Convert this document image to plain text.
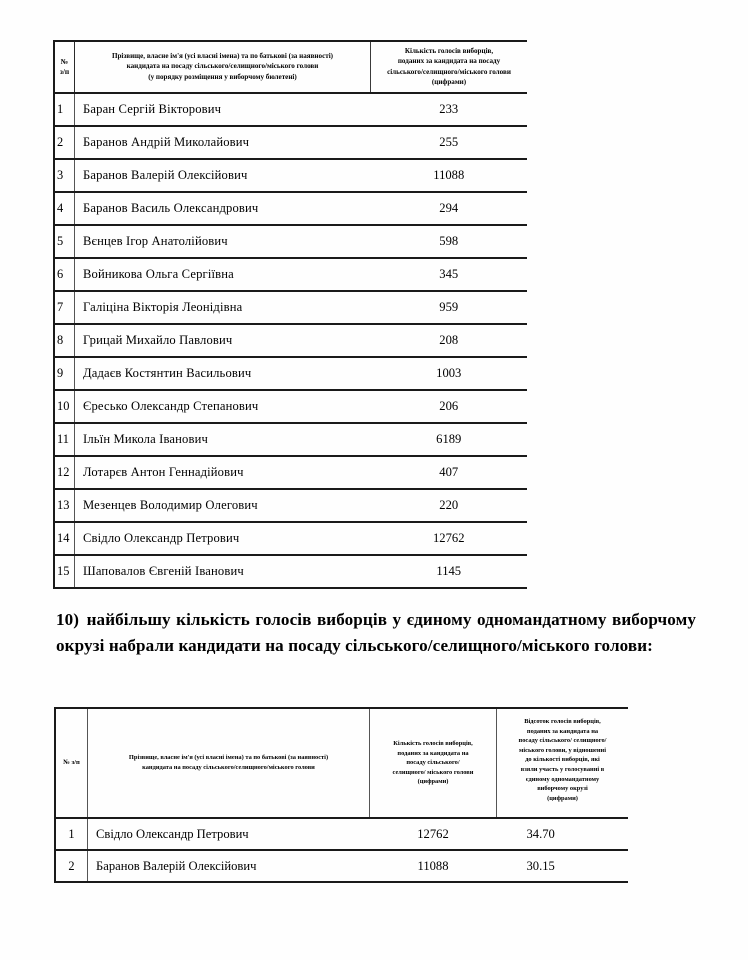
№
з/п	Прізвище, власне ім'я (усі власні імена) та по батькові (за наявності)
кандидата на посаду сільського/селищного/міського голови
(у порядку розміщення у виборчому бюлетені)	Кількість голосів виборців,
поданих за кандидата на посаду
сільського/селищного/міського голови
(цифрами)

1	Баран Сергій Вікторович	233
2	Баранов Андрій Миколайович	255
3	Баранов Валерій Олексійович	11088
4	Баранов Василь Олександрович	294
5	Вєнцев Ігор Анатолійович	598
6	Войникова Ольга Сергіївна	345
7	Галіціна Вікторія Леонідівна	959
8	Грицай Михайло Павлович	208
9	Дадаєв Костянтин Васильович	1003
10	Єресько Олександр Степанович	206
11	Ільїн Микола Іванович	6189
12	Лотарєв Антон Геннадійович	407
13	Мезенцев Володимир Олегович	220
14	Свідло Олександр Петрович	12762
15	Шаповалов Євгеній Іванович	1145

10) найбільшу кількість голосів виборців у єдиному одномандатному виборчому окрузі набрали кандидати на посаду сільського/селищного/міського голови:

№ з/п	
Прізвище, власне ім'я (усі власні імена) та по батькові (за наявності)
кандидата на посаду сільського/селищного/міського голови

Кількість голосів виборців,
поданих за кандидата на
посаду сільського/
селищного/ міського голови
(цифрами)

Відсоток голосів виборців,
поданих за кандидата на
посаду сільського/ селищного/
міського голови, у відношенні
до кількості виборців, які
взяли участь у голосуванні в
єдиному одномандатному
виборчому окрузі
(цифрами)

1	Свідло Олександр Петрович	12762	34.70
2	Баранов Валерій Олексійович	11088	30.15
